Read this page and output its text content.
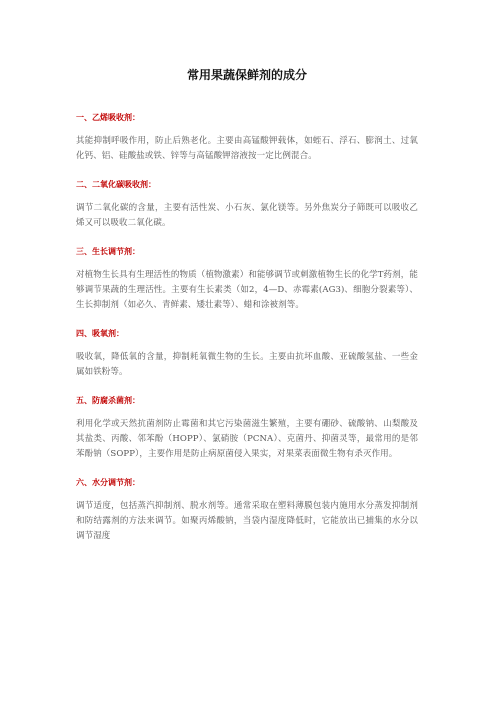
常用果蔬保鲜剂的成分
一、乙烯吸收剂：

其能抑制呼吸作用，防止后熟老化。主要由高锰酸钾载体，如蛭石、浮石、膨润土、过氧化钙、铝、硅酸盐或铁、锌等与高锰酸钾溶液按一定比例混合。

二、二氧化碳吸收剂：

调节二氧化碳的含量，主要有活性炭、小石灰、氯化镁等。另外焦炭分子筛既可以吸收乙烯又可以吸收二氧化碳。

三、生长调节剂：

对植物生长具有生理活性的物质（植物激素）和能够调节或刺激植物生长的化学T药剂，能够调节果蔬的生理活性。主要有生长素类（如2，4—D、赤霉素(AG3)、细胞分裂素等）、生长抑制剂（如必久、青鲜素、矮壮素等）、蜡和涂被剂等。

四、吸氧剂：

吸收氧，降低氧的含量，抑制耗氧微生物的生长。主要由抗坏血酸、亚硫酸氢盐、一些金属如铁粉等。

五、防腐杀菌剂：

利用化学或天然抗菌剂防止霉菌和其它污染菌滋生繁殖，主要有硼砂、硫酸钠、山梨酸及其盐类、丙酸、邻苯酚（HOPP）、氯硝胺（PCNA）、克菌丹、抑菌灵等，最常用的是邻苯酚钠（SOPP），主要作用是防止病原菌侵入果实，对果菜表面微生物有杀灭作用。

六、水分调节剂：

调节适度，包括蒸汽抑制剂、脱水剂等。通常采取在塑料薄膜包装内施用水分蒸发抑制剂和防结露剂的方法来调节。如聚丙烯酸钠，当袋内湿度降低时，它能放出已捕集的水分以调节湿度
